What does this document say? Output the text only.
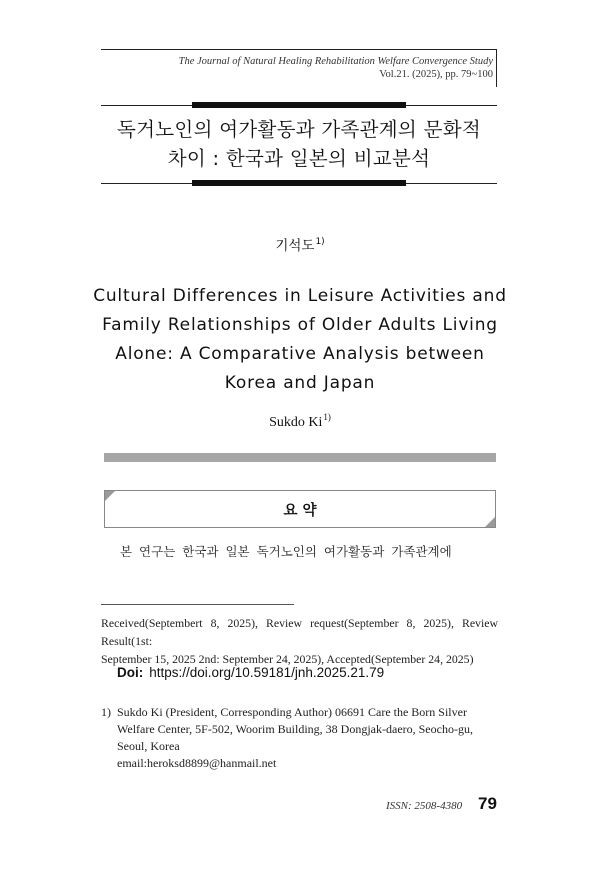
The Journal of Natural Healing Rehabilitation Welfare Convergence Study
Vol.21. (2025), pp. 79~100
독거노인의 여가활동과 가족관계의 문화적
차이 : 한국과 일본의 비교분석
기석도$^{1)}$
Cultural Differences in Leisure Activities and
Family Relationships of Older Adults Living
Alone: A Comparative Analysis between
Korea and Japan
Sukdo Ki$^{1)}$
요 약
본 연구는 한국과 일본 독거노인의 여가활동과 가족관계에
Received(Septembert 8, 2025), Review request(September 8, 2025), Review Result(1st:
September 15, 2025 2nd: September 24, 2025), Accepted(September 24, 2025)
Doi: https://doi.org/10.59181/jnh.2025.21.79
1) Sukdo Ki (President, Corresponding Author) 06691 Care the Born Silver
Welfare Center, 5F-502, Woorim Building, 38 Dongjak-daero, Seocho-gu,
Seoul, Korea
email:heroksd8899@hanmail.net
ISSN: 2508-4380 79
